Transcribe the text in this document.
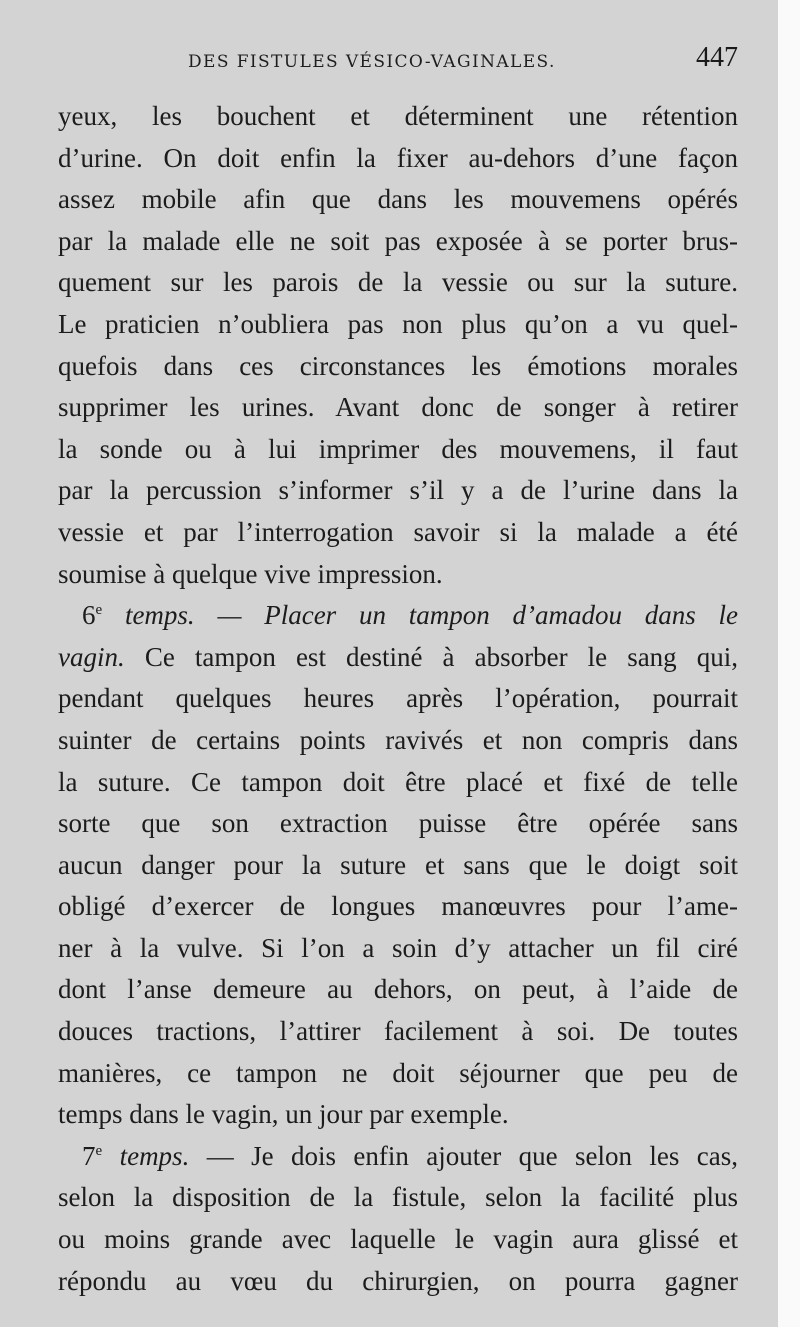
DES FISTULES VÉSICO-VAGINALES.	447
yeux, les bouchent et déterminent une rétention
d’urine. On doit enfin la fixer au-dehors d’une façon
assez mobile afin que dans les mouvemens opérés
par la malade elle ne soit pas exposée à se porter brus-
quement sur les parois de la vessie ou sur la suture.
Le praticien n’oubliera pas non plus qu’on a vu quel-
quefois dans ces circonstances les émotions morales
supprimer les urines. Avant donc de songer à retirer
la sonde ou à lui imprimer des mouvemens, il faut
par la percussion s’informer s’il y a de l’urine dans la
vessie et par l’interrogation savoir si la malade a été
soumise à quelque vive impression.
6e temps. — Placer un tampon d’amadou dans le
vagin. Ce tampon est destiné à absorber le sang qui,
pendant quelques heures après l’opération, pourrait
suinter de certains points ravivés et non compris dans
la suture. Ce tampon doit être placé et fixé de telle
sorte que son extraction puisse être opérée sans
aucun danger pour la suture et sans que le doigt soit
obligé d’exercer de longues manœuvres pour l’ame-
ner à la vulve. Si l’on a soin d’y attacher un fil ciré
dont l’anse demeure au dehors, on peut, à l’aide de
douces tractions, l’attirer facilement à soi. De toutes
manières, ce tampon ne doit séjourner que peu de
temps dans le vagin, un jour par exemple.
7e temps. — Je dois enfin ajouter que selon les cas,
selon la disposition de la fistule, selon la facilité plus
ou moins grande avec laquelle le vagin aura glissé et
répondu au vœu du chirurgien, on pourra gagner
